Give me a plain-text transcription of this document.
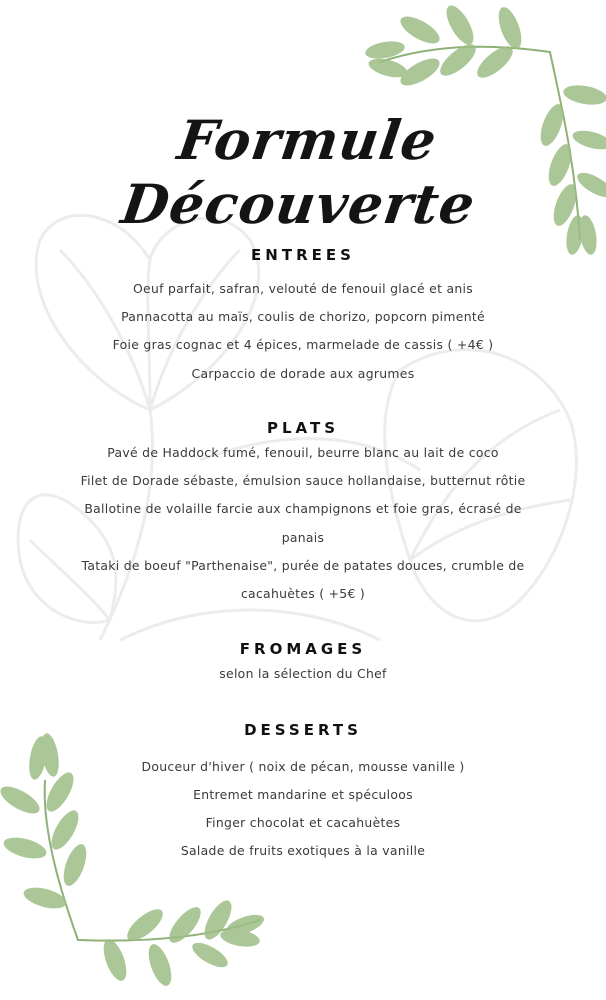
Formule Découverte
ENTREES
Oeuf parfait, safran, velouté de fenouil glacé et anis
Pannacotta au maïs, coulis de chorizo, popcorn pimenté
Foie gras cognac et 4 épices, marmelade de cassis ( +4€ )
Carpaccio de dorade aux agrumes
PLATS
Pavé de Haddock fumé, fenouil, beurre blanc au lait de coco
Filet de Dorade sébaste, émulsion sauce hollandaise, butternut rôtie
Ballotine de volaille farcie aux champignons et foie gras, écrasé de
panais
Tataki de boeuf "Parthenaise", purée de patates douces, crumble de
cacahuètes ( +5€ )
FROMAGES
selon la sélection du Chef
DESSERTS
Douceur d'hiver ( noix de pécan, mousse vanille )
Entremet mandarine et spéculoos
Finger chocolat et cacahuètes
Salade de fruits exotiques à la vanille
